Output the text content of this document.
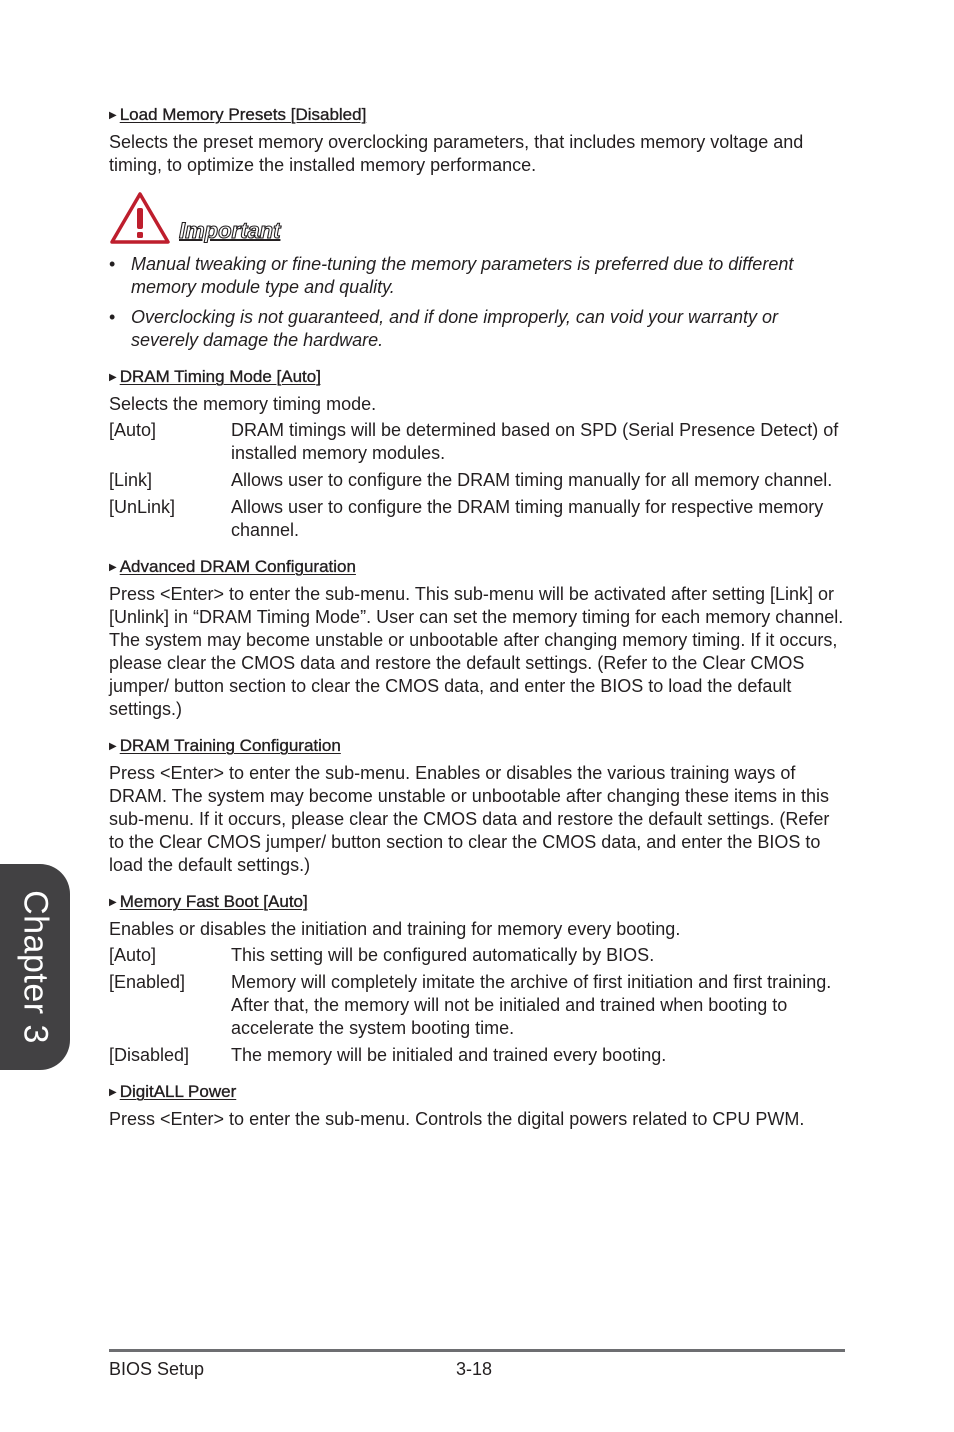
Chapter 3
▶ Load Memory Presets [Disabled]
Selects the preset memory overclocking parameters, that includes memory voltage and timing, to optimize the installed memory performance.
Important
• Manual tweaking or fine-tuning the memory parameters is preferred due to different memory module type and quality.
• Overclocking is not guaranteed, and if done improperly, can void your warranty or severely damage the hardware.
▶ DRAM Timing Mode [Auto]
Selects the memory timing mode.
[Auto]	DRAM timings will be determined based on SPD (Serial Presence Detect) of installed memory modules.
[Link]	Allows user to configure the DRAM timing manually for all memory channel.
[UnLink]	Allows user to configure the DRAM timing manually for respective memory channel.
▶ Advanced DRAM Configuration
Press <Enter> to enter the sub-menu. This sub-menu will be activated after setting [Link] or [Unlink] in “DRAM Timing Mode”. User can set the memory timing for each memory channel. The system may become unstable or unbootable after changing memory timing. If it occurs, please clear the CMOS data and restore the default settings. (Refer to the Clear CMOS jumper/ button section to clear the CMOS data, and enter the BIOS to load the default settings.)
▶ DRAM Training Configuration
Press <Enter> to enter the sub-menu. Enables or disables the various training ways of DRAM. The system may become unstable or unbootable after changing these items in this sub-menu. If it occurs, please clear the CMOS data and restore the default settings. (Refer to the Clear CMOS jumper/ button section to clear the CMOS data, and enter the BIOS to load the default settings.)
▶ Memory Fast Boot [Auto]
Enables or disables the initiation and training for memory every booting.
[Auto]	This setting will be configured automatically by BIOS.
[Enabled]	Memory will completely imitate the archive of first initiation and first training. After that, the memory will not be initialed and trained when booting to accelerate the system booting time.
[Disabled]	The memory will be initialed and trained every booting.
▶ DigitALL Power
Press <Enter> to enter the sub-menu. Controls the digital powers related to CPU PWM.
BIOS Setup	3-18
